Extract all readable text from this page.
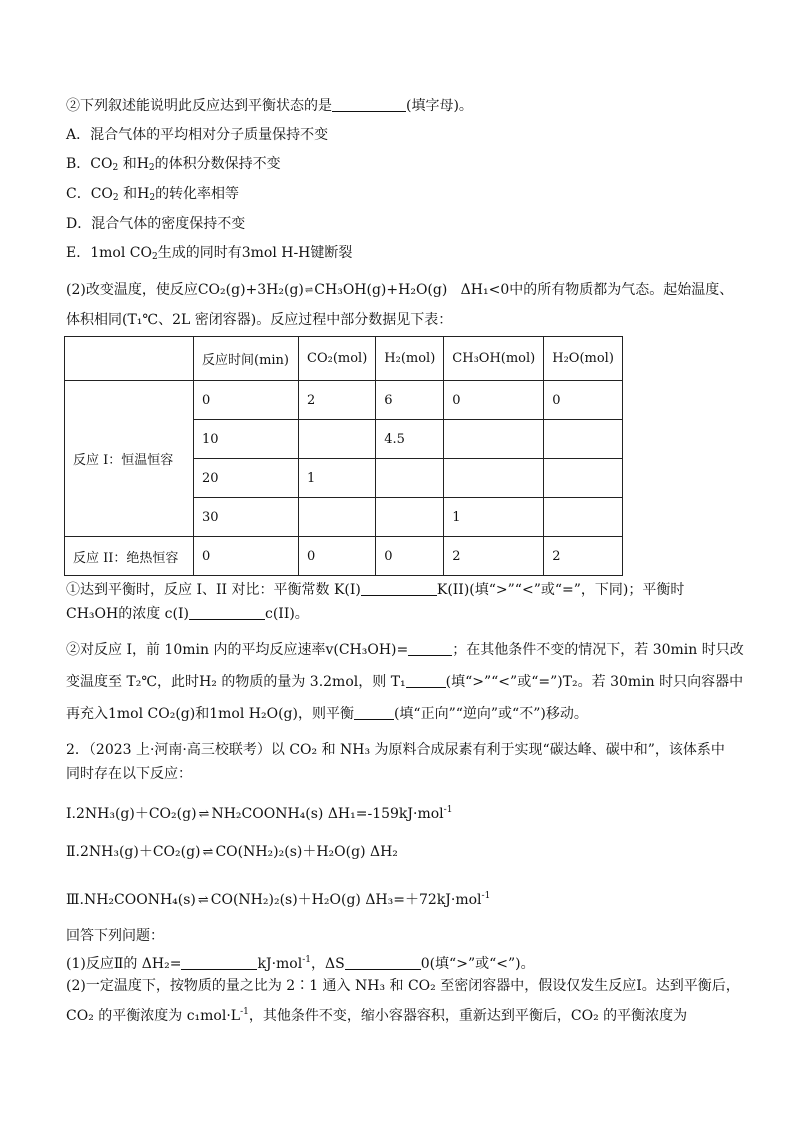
②下列叙述能说明此反应达到平衡状态的是	(填字母)。
A．混合气体的平均相对分子质量保持不变
B．$CO_2$ 和$H_2$的体积分数保持不变
C．$CO_2$ 和$H_2$的转化率相等
D．混合气体的密度保持不变
E．1mol $CO_2$生成的同时有3mol H-H键断裂
(2)改变温度，使反应CO₂(g)+3H₂(g)⇌CH₃OH(g)+H₂O(g) ΔH₁<0中的所有物质都为气态。起始温度、
体积相同(T₁℃、2L 密闭容器)。反应过程中部分数据见下表：
	反应时间(min)	CO₂(mol)	H₂(mol)	CH₃OH(mol)	H₂O(mol)
反应 I：恒温恒容	0	2	6	0	0
	10		4.5		
	20	1			
	30			1	
反应 II：绝热恒容	0	0	0	2	2
①达到平衡时，反应 I、II 对比：平衡常数 K(I)	K(II)(填“>”“<”或“=”，下同)；平衡时
CH₃OH的浓度 c(I)	c(II)。
②对反应 I，前 10min 内的平均反应速率v(CH₃OH)=	；在其他条件不变的情况下，若 30min 时只改
变温度至 T₂℃，此时H₂ 的物质的量为 3.2mol，则 T₁	(填“>”“<”或“=”)T₂。若 30min 时只向容器中
再充入1mol CO₂(g)和1mol H₂O(g)，则平衡	(填“正向”“逆向”或“不”)移动。
2．（2023 上·河南·高三校联考）以 CO₂ 和 NH₃ 为原料合成尿素有利于实现“碳达峰、碳中和”，该体系中
同时存在以下反应：
Ⅰ.2NH₃(g)＋CO₂(g) ⇌ NH₂COONH₄(s) ΔH₁=-159kJ·mol$^{-1}$
Ⅱ.2NH₃(g)＋CO₂(g) ⇌ CO(NH₂)₂(s)＋H₂O(g) ΔH₂
Ⅲ.NH₂COONH₄(s) ⇌ CO(NH₂)₂(s)＋H₂O(g) ΔH₃=＋72kJ·mol$^{-1}$
回答下列问题：
(1)反应Ⅱ的 ΔH₂=	kJ·mol$^{-1}$，ΔS	0(填“>”或“<”)。
(2)一定温度下，按物质的量之比为 2∶1 通入 NH₃ 和 CO₂ 至密闭容器中，假设仅发生反应Ⅰ。达到平衡后，
CO₂ 的平衡浓度为 $c_1mol\cdot L^{-1}$，其他条件不变，缩小容器容积，重新达到平衡后，CO₂ 的平衡浓度为
